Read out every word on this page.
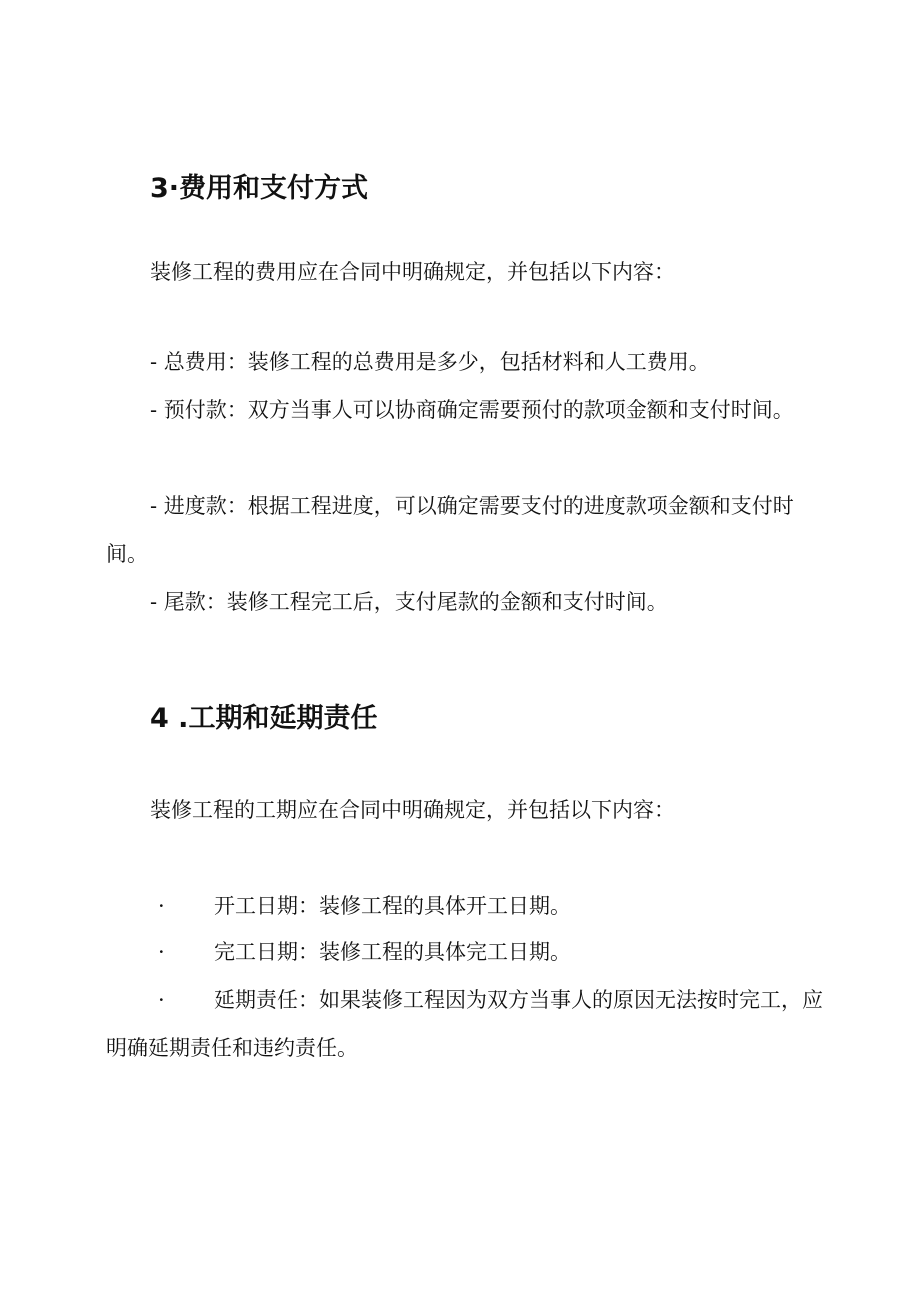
3·费用和支付方式
装修工程的费用应在合同中明确规定，并包括以下内容：
- 总费用：装修工程的总费用是多少，包括材料和人工费用。
- 预付款：双方当事人可以协商确定需要预付的款项金额和支付时间。
- 进度款：根据工程进度，可以确定需要支付的进度款项金额和支付时间。
- 尾款：装修工程完工后，支付尾款的金额和支付时间。
4 .工期和延期责任
装修工程的工期应在合同中明确规定，并包括以下内容：
· 开工日期：装修工程的具体开工日期。
· 完工日期：装修工程的具体完工日期。
· 延期责任：如果装修工程因为双方当事人的原因无法按时完工，应明确延期责任和违约责任。
